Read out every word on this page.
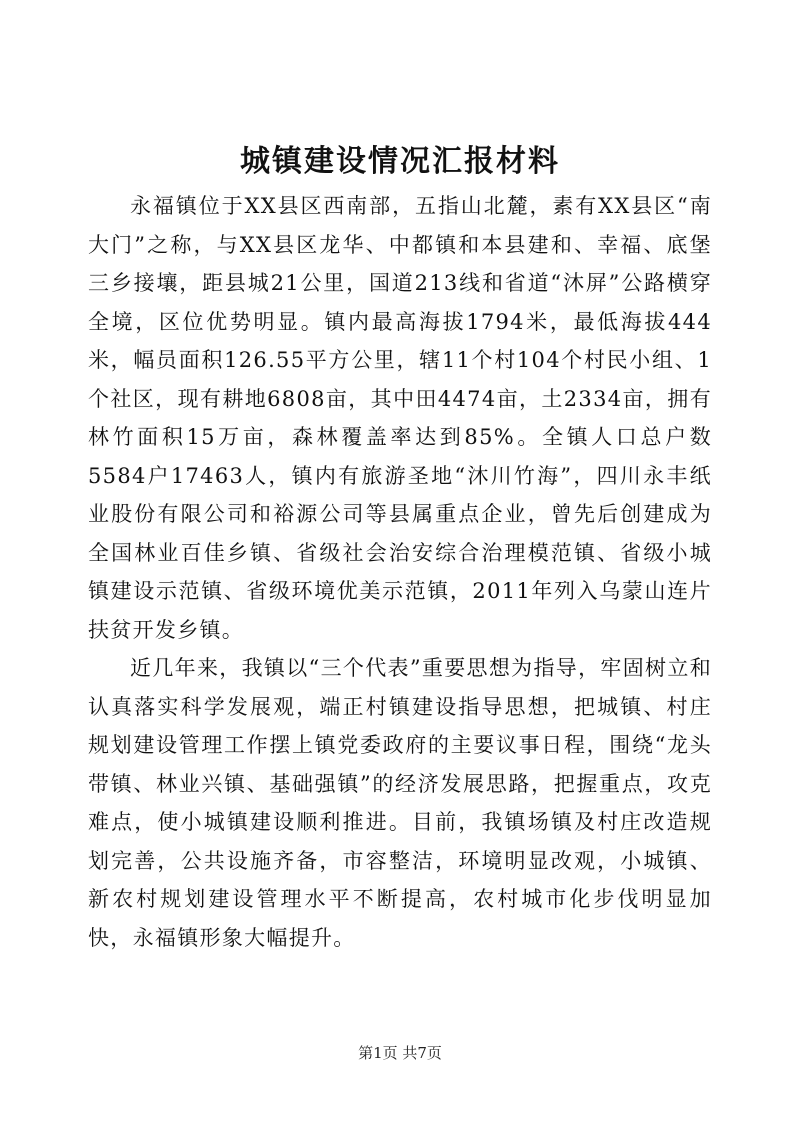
城镇建设情况汇报材料

永福镇位于XX县区西南部，五指山北麓，素有XX县区“南大门”之称，与XX县区龙华、中都镇和本县建和、幸福、底堡三乡接壤，距县城21公里，国道213线和省道“沐屏”公路横穿全境，区位优势明显。镇内最高海拔1794米，最低海拔444米，幅员面积126.55平方公里，辖11个村104个村民小组、1个社区，现有耕地6808亩，其中田4474亩，土2334亩，拥有林竹面积15万亩，森林覆盖率达到85%。全镇人口总户数5584户17463人，镇内有旅游圣地“沐川竹海”，四川永丰纸业股份有限公司和裕源公司等县属重点企业，曾先后创建成为全国林业百佳乡镇、省级社会治安综合治理模范镇、省级小城镇建设示范镇、省级环境优美示范镇，2011年列入乌蒙山连片扶贫开发乡镇。

近几年来，我镇以“三个代表”重要思想为指导，牢固树立和认真落实科学发展观，端正村镇建设指导思想，把城镇、村庄规划建设管理工作摆上镇党委政府的主要议事日程，围绕“龙头带镇、林业兴镇、基础强镇”的经济发展思路，把握重点，攻克难点，使小城镇建设顺利推进。目前，我镇场镇及村庄改造规划完善，公共设施齐备，市容整洁，环境明显改观，小城镇、新农村规划建设管理水平不断提高，农村城市化步伐明显加快，永福镇形象大幅提升。

第1页 共7页
